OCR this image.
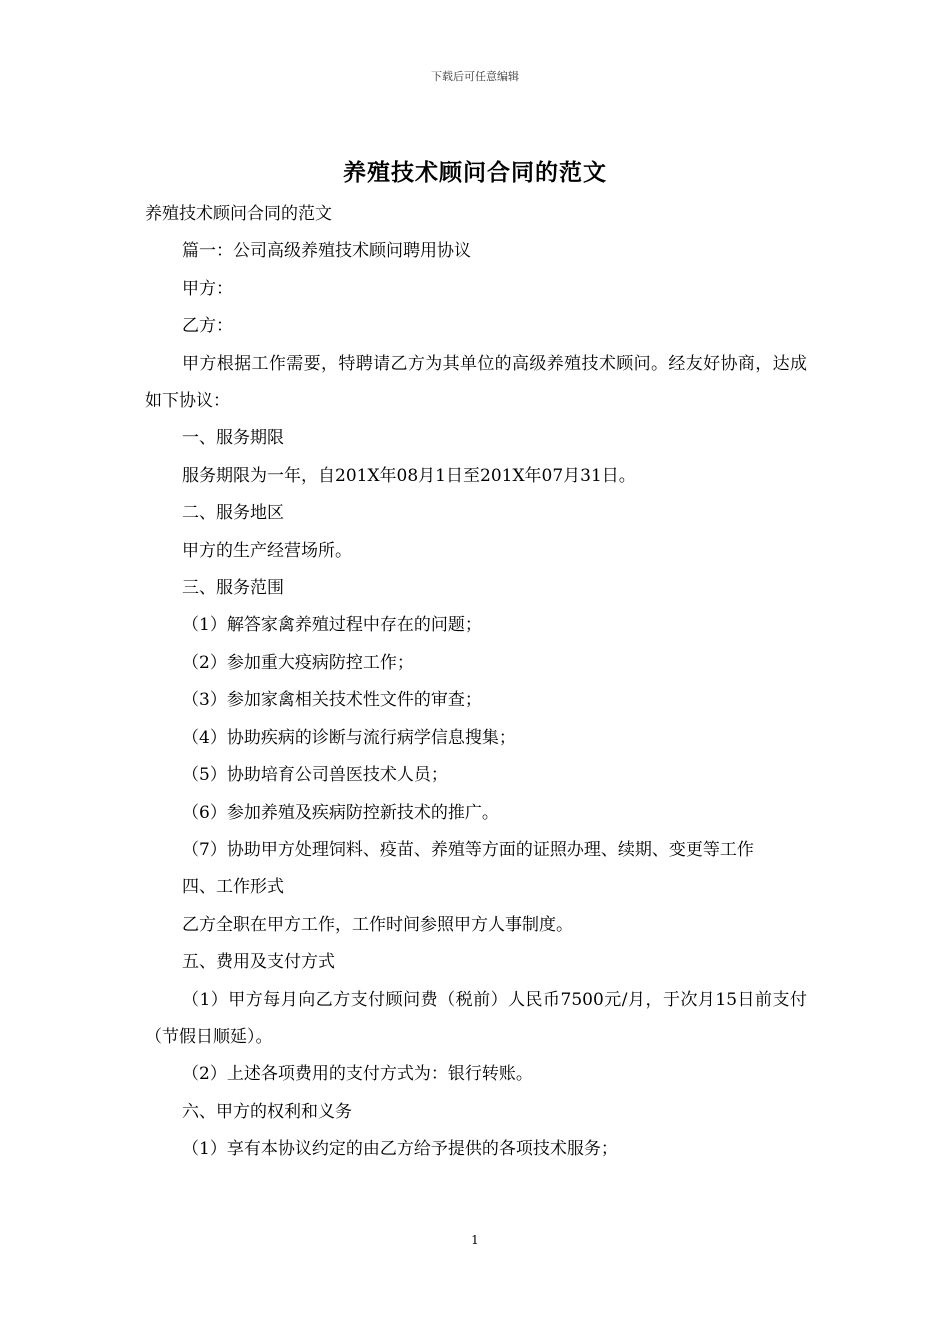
下载后可任意编辑
养殖技术顾问合同的范文

养殖技术顾问合同的范文

篇一：公司高级养殖技术顾问聘用协议

甲方：

乙方：

甲方根据工作需要，特聘请乙方为其单位的高级养殖技术顾问。经友好协商，达成如下协议：

一、服务期限

服务期限为一年，自201X年08月1日至201X年07月31日。

二、服务地区

甲方的生产经营场所。

三、服务范围

（1）解答家禽养殖过程中存在的问题；

（2）参加重大疫病防控工作；

（3）参加家禽相关技术性文件的审查；

（4）协助疾病的诊断与流行病学信息搜集；

（5）协助培育公司兽医技术人员；

（6）参加养殖及疾病防控新技术的推广。

（7）协助甲方处理饲料、疫苗、养殖等方面的证照办理、续期、变更等工作

四、工作形式

乙方全职在甲方工作，工作时间参照甲方人事制度。

五、费用及支付方式

（1）甲方每月向乙方支付顾问费（税前）人民币7500元/月，于次月15日前支付（节假日顺延）。

（2）上述各项费用的支付方式为：银行转账。

六、甲方的权利和义务

（1）享有本协议约定的由乙方给予提供的各项技术服务；

1
